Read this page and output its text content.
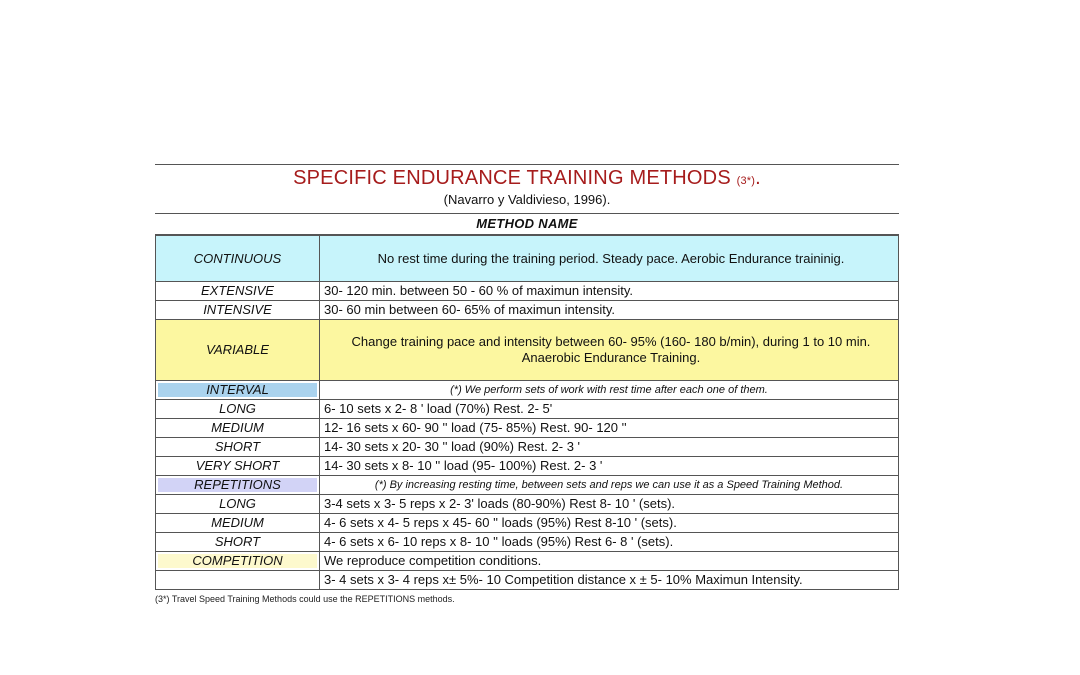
SPECIFIC ENDURANCE TRAINING METHODS (3*).
(Navarro y Valdivieso, 1996).
METHOD NAME
CONTINUOUS	No rest time during the training period. Steady pace. Aerobic Endurance traininig.
EXTENSIVE	30- 120 min. between 50 - 60 % of maximun intensity.
INTENSIVE	30- 60 min between 60- 65% of maximun intensity.
VARIABLE	Change training pace and intensity between 60- 95% (160- 180 b/min), during 1 to 10 min.
Anaerobic Endurance Training.

INTERVAL	(*) We perform sets of work with rest time after each one of them.
LONG	6- 10 sets x 2- 8 ' load (70%) Rest. 2- 5'
MEDIUM	12- 16 sets x 60- 90 '' load (75- 85%) Rest. 90- 120 ''
SHORT	14- 30 sets x 20- 30 '' load (90%) Rest. 2- 3 '
VERY SHORT	14- 30 sets x 8- 10 '' load (95- 100%) Rest. 2- 3 '

REPETITIONS	(*) By increasing resting time, between sets and reps we can use it as a Speed Training Method.
LONG	3-4 sets x 3- 5 reps x 2- 3' loads (80-90%) Rest 8- 10 ' (sets).
MEDIUM	4- 6 sets x 4- 5 reps x 45- 60 '' loads (95%) Rest 8-10 ' (sets).
SHORT	4- 6 sets x 6- 10 reps x 8- 10 '' loads (95%) Rest 6- 8 ' (sets).

COMPETITION	We reproduce competition conditions.
	3- 4 sets x 3- 4 reps x± 5%- 10 Competition distance x ± 5- 10% Maximun Intensity.
(3*) Travel Speed Training Methods could use the REPETITIONS methods.
